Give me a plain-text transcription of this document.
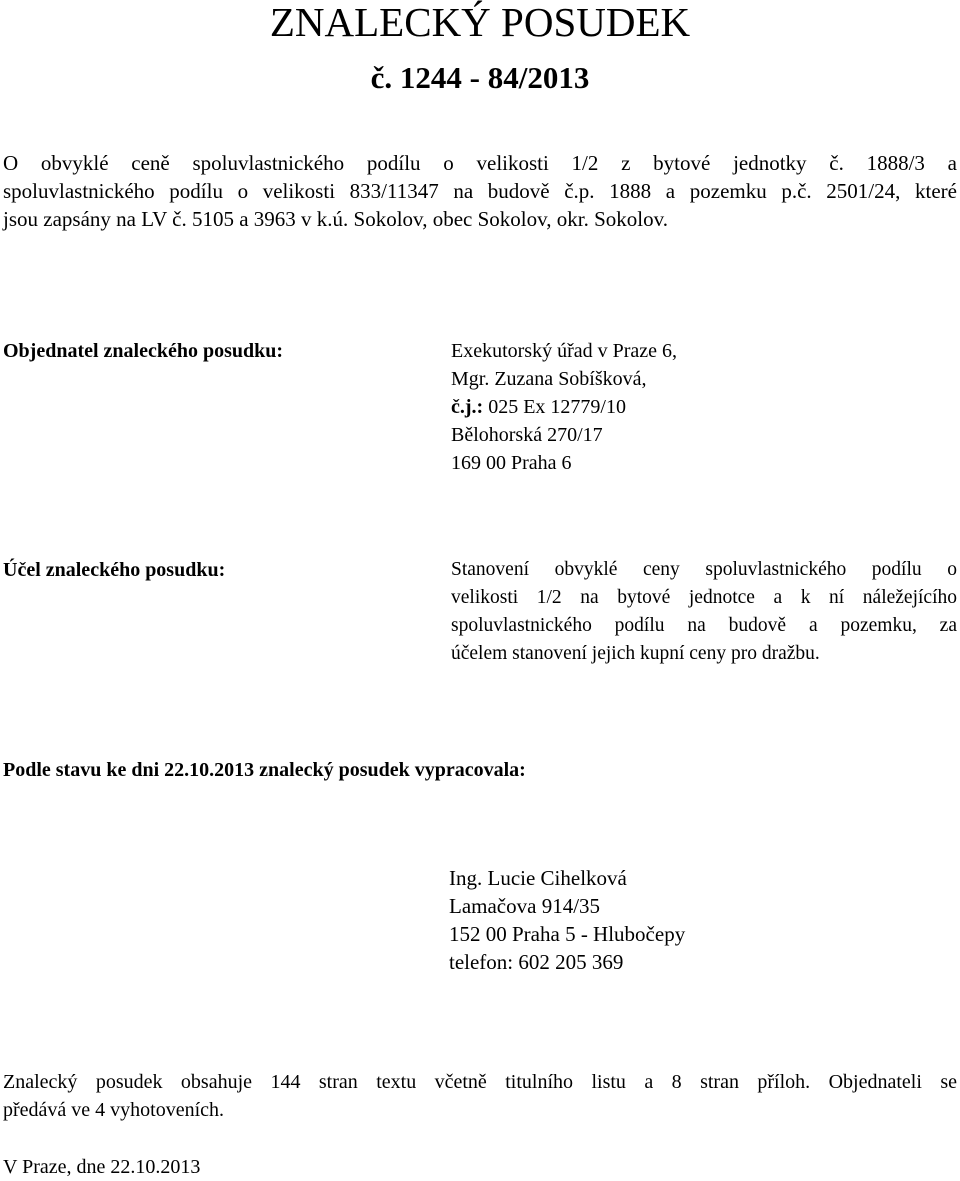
ZNALECKÝ POSUDEK
č. 1244 - 84/2013
O obvyklé ceně spoluvlastnického podílu o velikosti 1/2 z bytové jednotky č. 1888/3 a
spoluvlastnického podílu o velikosti 833/11347 na budově č.p. 1888 a pozemku p.č. 2501/24, které
jsou zapsány na LV č. 5105 a 3963 v k.ú. Sokolov, obec Sokolov, okr. Sokolov.
Objednatel znaleckého posudku:	Exekutorský úřad v Praze 6,
Mgr. Zuzana Sobíšková,
č.j.: 025 Ex 12779/10
Bělohorská 270/17
169 00 Praha 6
Účel znaleckého posudku:	Stanovení obvyklé ceny spoluvlastnického podílu o
velikosti 1/2 na bytové jednotce a k ní náležejícího
spoluvlastnického podílu na budově a pozemku, za
účelem stanovení jejich kupní ceny pro dražbu.
Podle stavu ke dni 22.10.2013 znalecký posudek vypracovala:
Ing. Lucie Cihelková
Lamačova 914/35
152 00 Praha 5 - Hlubočepy
telefon: 602 205 369
Znalecký posudek obsahuje 144 stran textu včetně titulního listu a 8 stran příloh. Objednateli se
předává ve 4 vyhotoveních.
V Praze, dne 22.10.2013
